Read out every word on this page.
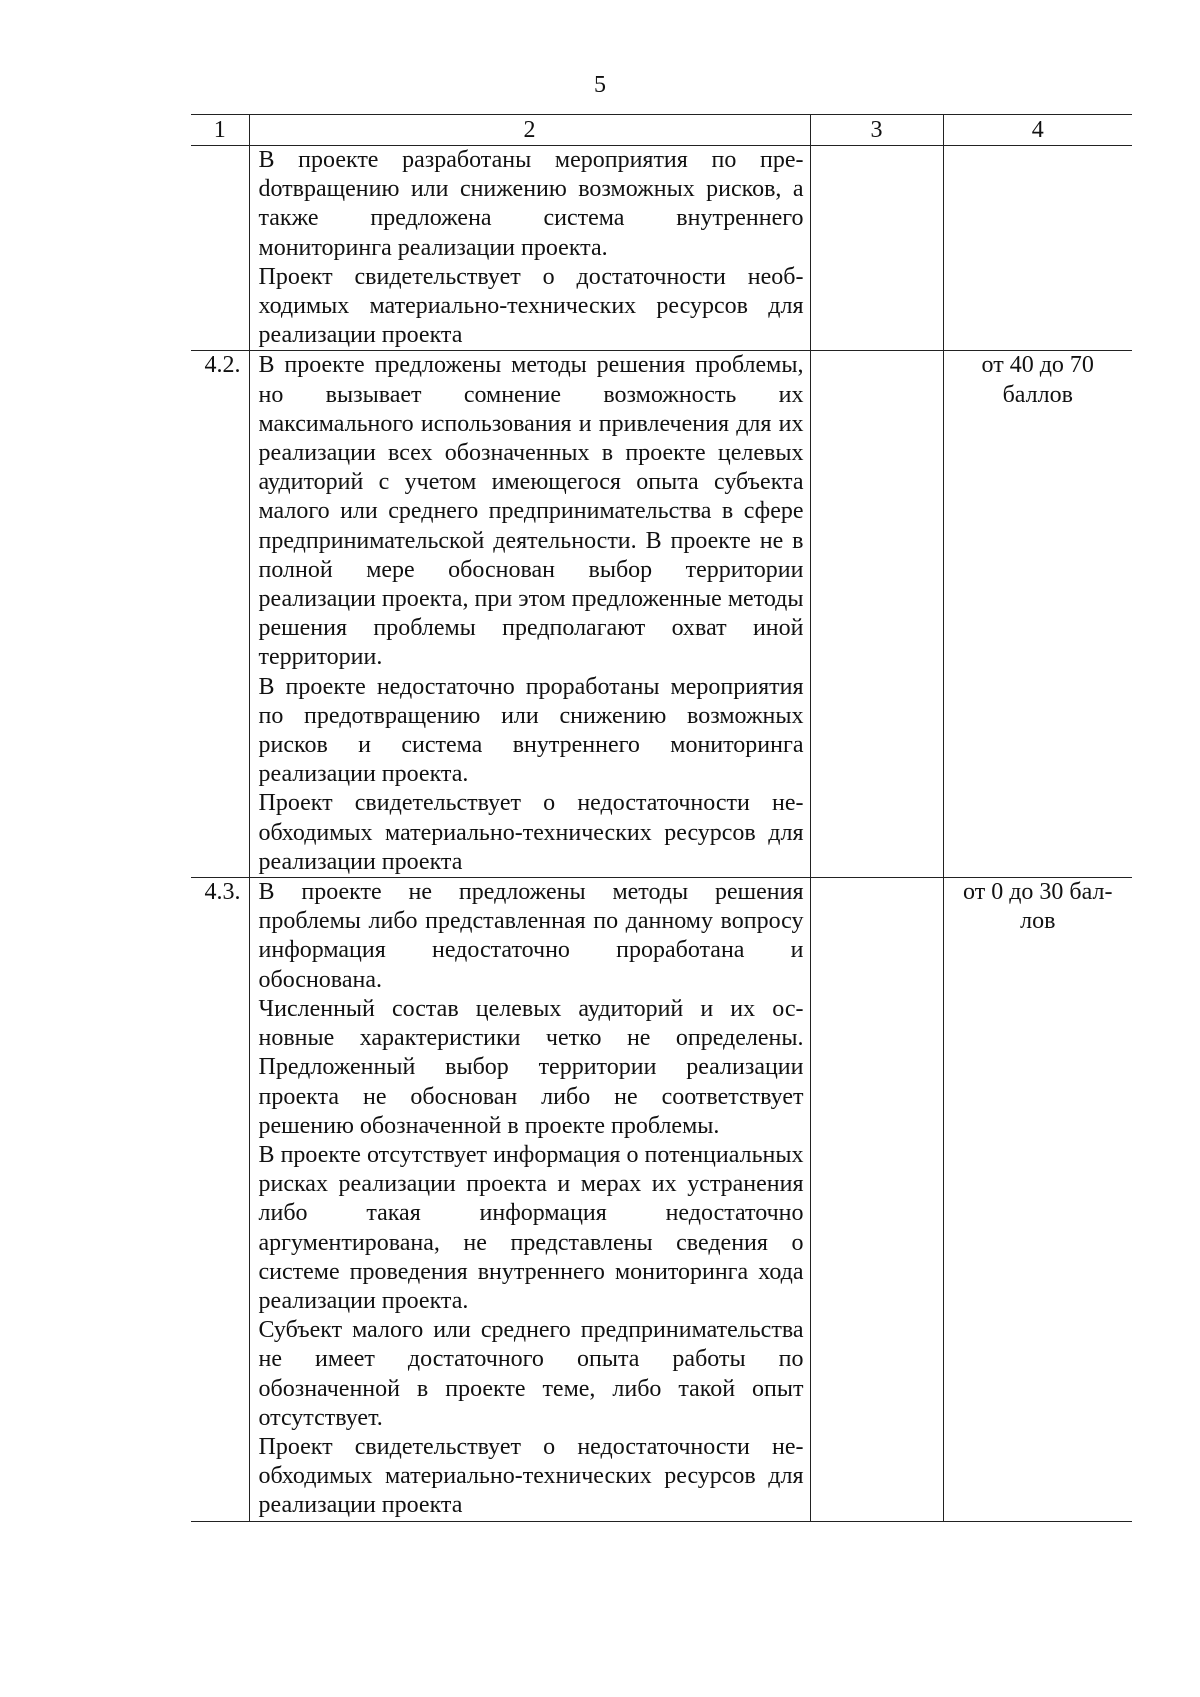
5
1	2	3	4

	В проекте разработаны мероприятия по преdотвращению или снижению возможных рисков, а также предложена система внутреннего мониторинга реализации проекта.

Проект свидетельствует о достаточности необходимых материально-технических ресурсов для реализации проекта		

4.2.	В проекте предложены методы решения проблемы, но вызывает сомнение возможность их максимального использования и привлечения для их реализации всех обозначенных в проекте целевых аудиторий с учетом имеющегося опыта субъекта малого или среднего предпринимательства в сфере предпринимательской деятельности. В проекте не в полной мере обоснован выбор территории реализации проекта, при этом предложенные методы решения проблемы предполагают охват иной территории.

В проекте недостаточно проработаны мероприятия по предотвращению или снижению возможных рисков и система внутреннего мониторинга реализации проекта.

Проект свидетельствует о недостаточности необходимых материально-технических ресурсов для реализации проекта		от 40 до 70 баллов
4.3.	В проекте не предложены методы решения проблемы либо представленная по данному вопросу информация недостаточно проработана и обоснована.

Численный состав целевых аудиторий и их основные характеристики четко не определены. Предложенный выбор территории реализации проекта не обоснован либо не соответствует решению обозначенной в проекте проблемы.

В проекте отсутствует информация о потенциальных рисках реализации проекта и мерах их устранения либо такая информация недостаточно аргументирована, не представлены сведения о системе проведения внутреннего мониторинга хода реализации проекта.

Субъект малого или среднего предпринимательства не имеет достаточного опыта работы по обозначенной в проекте теме, либо такой опыт отсутствует.

Проект свидетельствует о недостаточности необходимых материально-технических ресурсов для реализации проекта		от 0 до 30 баллов
